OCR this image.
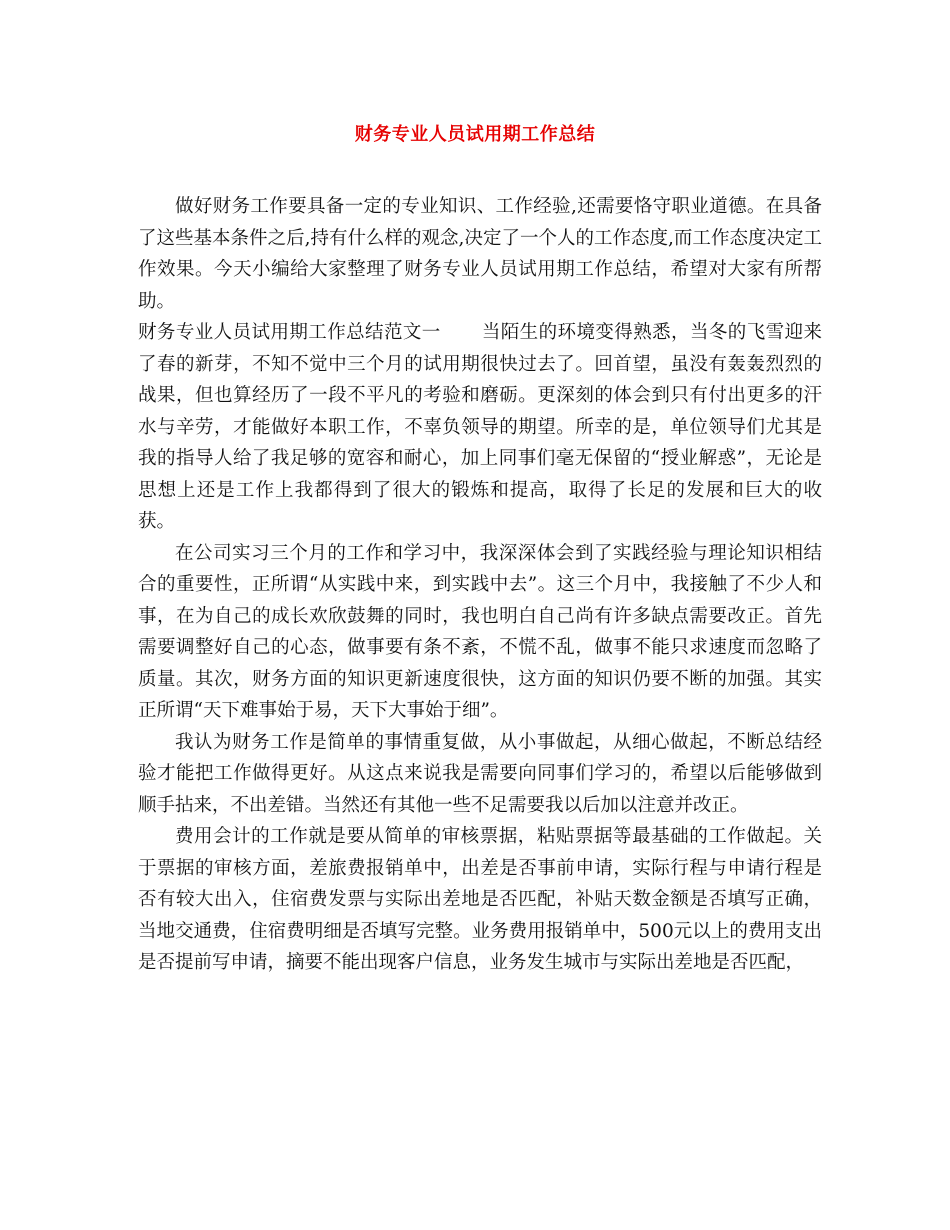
财务专业人员试用期工作总结

做好财务工作要具备一定的专业知识、工作经验,还需要恪守职业道德。在具备了这些基本条件之后,持有什么样的观念,决定了一个人的工作态度,而工作态度决定工作效果。今天小编给大家整理了财务专业人员试用期工作总结，希望对大家有所帮助。

财务专业人员试用期工作总结范文一 当陌生的环境变得熟悉，当冬的飞雪迎来了春的新芽，不知不觉中三个月的试用期很快过去了。回首望，虽没有轰轰烈烈的战果，但也算经历了一段不平凡的考验和磨砺。更深刻的体会到只有付出更多的汗水与辛劳，才能做好本职工作，不辜负领导的期望。所幸的是，单位领导们尤其是我的指导人给了我足够的宽容和耐心，加上同事们毫无保留的“授业解惑”，无论是思想上还是工作上我都得到了很大的锻炼和提高，取得了长足的发展和巨大的收获。

在公司实习三个月的工作和学习中，我深深体会到了实践经验与理论知识相结合的重要性，正所谓“从实践中来，到实践中去”。这三个月中，我接触了不少人和事，在为自己的成长欢欣鼓舞的同时，我也明白自己尚有许多缺点需要改正。首先需要调整好自己的心态，做事要有条不紊，不慌不乱，做事不能只求速度而忽略了质量。其次，财务方面的知识更新速度很快，这方面的知识仍要不断的加强。其实正所谓“天下难事始于易，天下大事始于细”。

我认为财务工作是简单的事情重复做，从小事做起，从细心做起，不断总结经验才能把工作做得更好。从这点来说我是需要向同事们学习的，希望以后能够做到顺手拈来，不出差错。当然还有其他一些不足需要我以后加以注意并改正。

费用会计的工作就是要从简单的审核票据，粘贴票据等最基础的工作做起。关于票据的审核方面，差旅费报销单中，出差是否事前申请，实际行程与申请行程是否有较大出入，住宿费发票与实际出差地是否匹配，补贴天数金额是否填写正确，当地交通费，住宿费明细是否填写完整。业务费用报销单中，500元以上的费用支出是否提前写申请，摘要不能出现客户信息，业务发生城市与实际出差地是否匹配，
